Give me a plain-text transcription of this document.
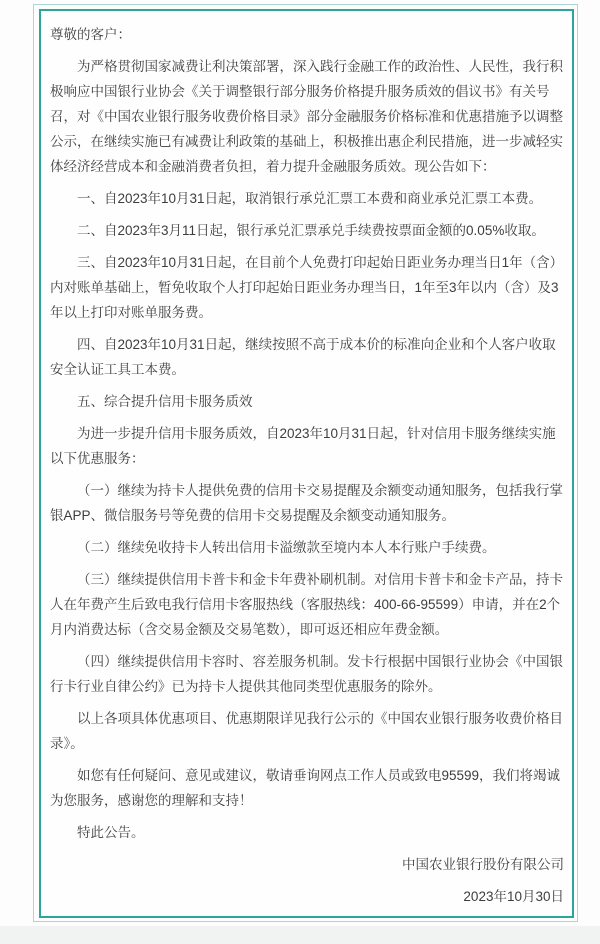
尊敬的客户：

为严格贯彻国家减费让利决策部署，深入践行金融工作的政治性、人民性，我行积极响应中国银行业协会《关于调整银行部分服务价格提升服务质效的倡议书》有关号召，对《中国农业银行服务收费价格目录》部分金融服务价格标准和优惠措施予以调整公示，在继续实施已有减费让利政策的基础上，积极推出惠企利民措施，进一步减轻实体经济经营成本和金融消费者负担，着力提升金融服务质效。现公告如下：

一、自2023年10月31日起，取消银行承兑汇票工本费和商业承兑汇票工本费。

二、自2023年3月11日起，银行承兑汇票承兑手续费按票面金额的0.05%收取。

三、自2023年10月31日起，在目前个人免费打印起始日距业务办理当日1年（含）内对账单基础上，暂免收取个人打印起始日距业务办理当日，1年至3年以内（含）及3年以上打印对账单服务费。

四、自2023年10月31日起，继续按照不高于成本价的标准向企业和个人客户收取安全认证工具工本费。

五、综合提升信用卡服务质效

为进一步提升信用卡服务质效，自2023年10月31日起，针对信用卡服务继续实施以下优惠服务：

（一）继续为持卡人提供免费的信用卡交易提醒及余额变动通知服务，包括我行掌银APP、微信服务号等免费的信用卡交易提醒及余额变动通知服务。

（二）继续免收持卡人转出信用卡溢缴款至境内本人本行账户手续费。

（三）继续提供信用卡普卡和金卡年费补刷机制。对信用卡普卡和金卡产品，持卡人在年费产生后致电我行信用卡客服热线（客服热线：400-66-95599）申请，并在2个月内消费达标（含交易金额及交易笔数），即可返还相应年费金额。

（四）继续提供信用卡容时、容差服务机制。发卡行根据中国银行业协会《中国银行卡行业自律公约》已为持卡人提供其他同类型优惠服务的除外。

以上各项具体优惠项目、优惠期限详见我行公示的《中国农业银行服务收费价格目录》。

如您有任何疑问、意见或建议，敬请垂询网点工作人员或致电95599，我们将竭诚为您服务，感谢您的理解和支持！

特此公告。

中国农业银行股份有限公司

2023年10月30日
